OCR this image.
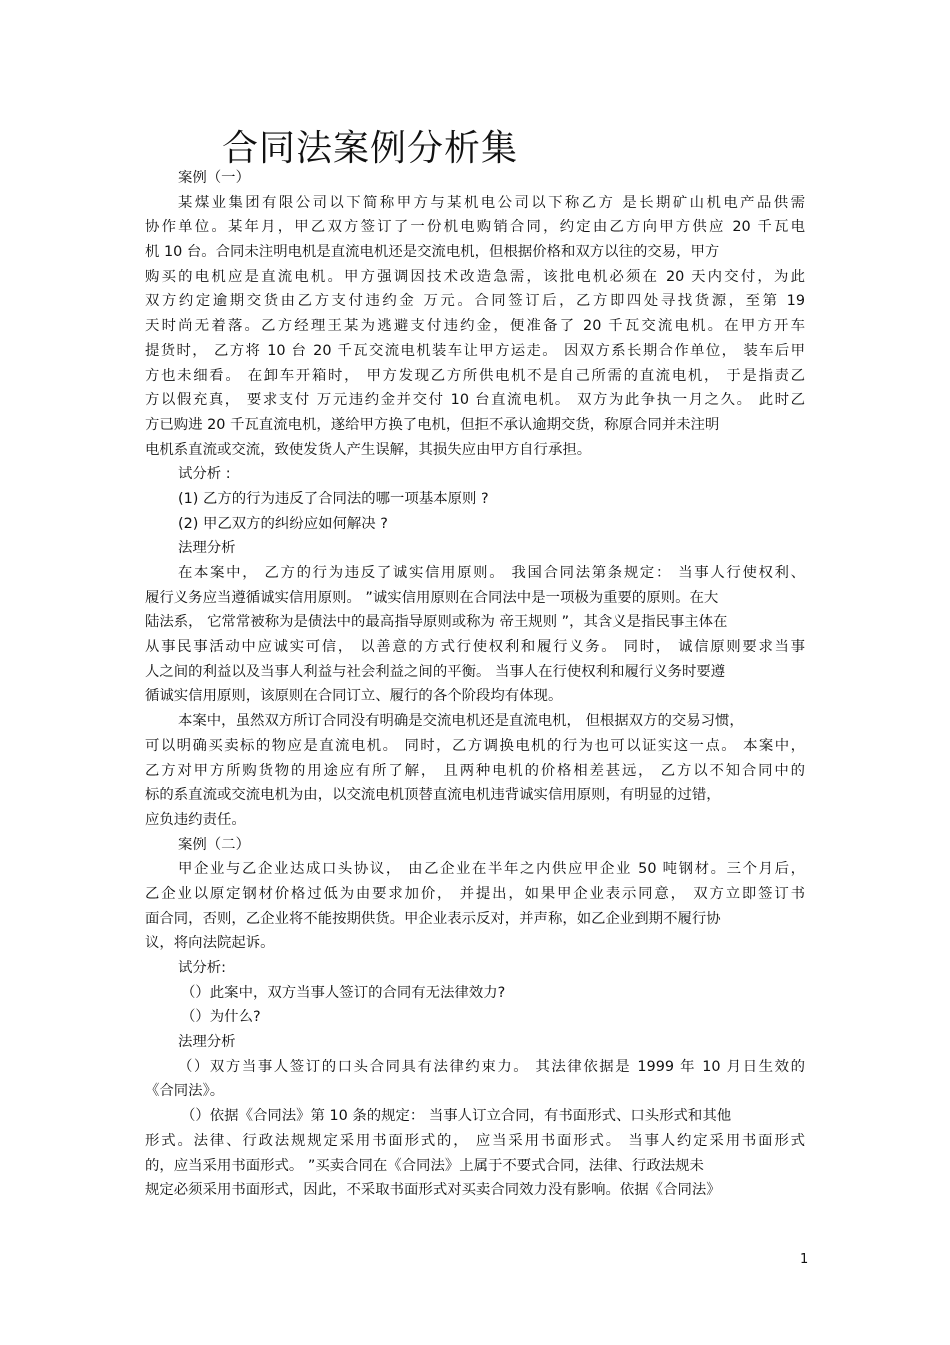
合同法案例分析集
案例（一）
某煤业集团有限公司以下简称甲方与某机电公司以下称乙方 是长期矿山机电产品供需
协作单位。某年月，甲乙双方签订了一份机电购销合同，约定由乙方向甲方供应 20 千瓦电
机 10 台。合同未注明电机是直流电机还是交流电机，但根据价格和双方以往的交易，甲方
购买的电机应是直流电机。甲方强调因技术改造急需，该批电机必须在 20 天内交付，为此
双方约定逾期交货由乙方支付违约金 万元。合同签订后，乙方即四处寻找货源，至第 19
天时尚无着落。乙方经理王某为逃避支付违约金，便准备了 20 千瓦交流电机。在甲方开车
提货时， 乙方将 10 台 20 千瓦交流电机装车让甲方运走。 因双方系长期合作单位， 装车后甲
方也未细看。 在卸车开箱时， 甲方发现乙方所供电机不是自己所需的直流电机， 于是指责乙
方以假充真， 要求支付 万元违约金并交付 10 台直流电机。 双方为此争执一月之久。 此时乙
方已购进 20 千瓦直流电机，遂给甲方换了电机，但拒不承认逾期交货，称原合同并未注明
电机系直流或交流，致使发货人产生误解，其损失应由甲方自行承担。
试分析 :
(1) 乙方的行为违反了合同法的哪一项基本原则 ?
(2) 甲乙双方的纠纷应如何解决 ?
法理分析
在本案中， 乙方的行为违反了诚实信用原则。 我国合同法第条规定： 当事人行使权利、
履行义务应当遵循诚实信用原则。 ”诚实信用原则在合同法中是一项极为重要的原则。在大
陆法系， 它常常被称为是债法中的最高指导原则或称为 帝王规则 ”，其含义是指民事主体在
从事民事活动中应诚实可信， 以善意的方式行使权利和履行义务。 同时， 诚信原则要求当事
人之间的利益以及当事人利益与社会利益之间的平衡。 当事人在行使权利和履行义务时要遵
循诚实信用原则，该原则在合同订立、履行的各个阶段均有体现。
本案中，虽然双方所订合同没有明确是交流电机还是直流电机， 但根据双方的交易习惯，
可以明确买卖标的物应是直流电机。 同时，乙方调换电机的行为也可以证实这一点。 本案中，
乙方对甲方所购货物的用途应有所了解， 且两种电机的价格相差甚远， 乙方以不知合同中的
标的系直流或交流电机为由，以交流电机顶替直流电机违背诚实信用原则，有明显的过错，
应负违约责任。
案例（二）
甲企业与乙企业达成口头协议， 由乙企业在半年之内供应甲企业 50 吨钢材。三个月后，
乙企业以原定钢材价格过低为由要求加价， 并提出，如果甲企业表示同意， 双方立即签订书
面合同，否则，乙企业将不能按期供货。甲企业表示反对，并声称，如乙企业到期不履行协
议，将向法院起诉。
试分析:
（）此案中，双方当事人签订的合同有无法律效力?
（）为什么?
法理分析
（）双方当事人签订的口头合同具有法律约束力。 其法律依据是 1999 年 10 月日生效的
《合同法》。
（）依据《合同法》第 10 条的规定： 当事人订立合同，有书面形式、口头形式和其他
形式。法律、行政法规规定采用书面形式的， 应当采用书面形式。 当事人约定采用书面形式
的，应当采用书面形式。 ”买卖合同在《合同法》上属于不要式合同，法律、行政法规未
规定必须采用书面形式，因此，不采取书面形式对买卖合同效力没有影响。依据《合同法》
1
